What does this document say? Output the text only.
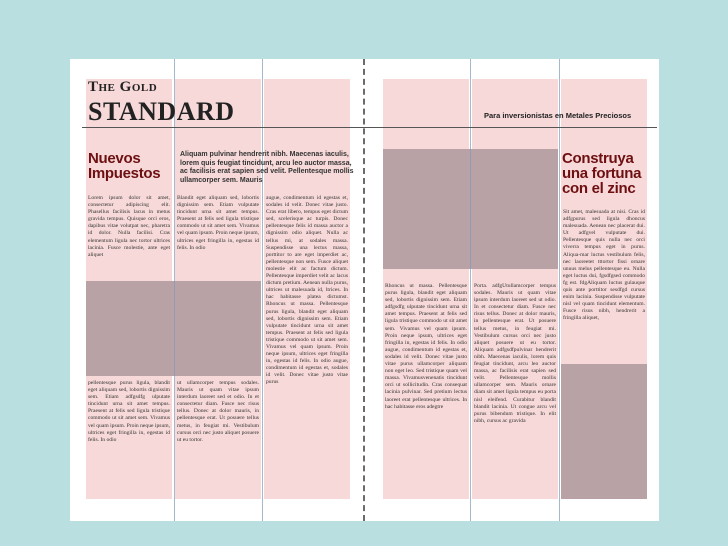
The Gold
STANDARD	Para inversionistas en Metales Preciosos
Nuevos Impuestos
Aliquam pulvinar hendrerit nibh. Maecenas iaculis, lorem quis feugiat tincidunt, arcu leo auctor massa, ac facilisis erat sapien sed velit. Pellentesque mollis ullamcorper sem. Mauris
Lorem ipsum dolor sit amet, consectetur adipiscing elit. Phasellus facilisis lacus in metus gravida tempus. Quisque orci eros, dapibus vitae volutpat nec, pharetra id dolor. Nulla facilisi. Cras elementum ligula nec tortor ultrices lacinia. Fusce molestie, ante eget aliquet
pellentesque purus ligula, blandit eget aliquam sed, lobortis dignissim sem. Etiam adfgsdfg ulputate tincidunt urna sit amet tempus. Praesent at felis sed ligula tristique commodo ut sit amet sem. Vivamus vel quam ipsum. Proin neque ipsum, ultrices eget fringilla in, egestas id felis. In odio
Blandit eget aliquam sed, lobortis dignissim sem. Etiam vulputate tincidunt urna sit amet tempus. Praesent at felis sed ligula tristique commodo ut sit amet sem. Vivamus vel quam ipsum. Proin neque ipsum, ultrices eget fringilla in, egestas id felis. In odio
ut ullamcorper tempus sodales. Mauris ut quam vitae ipsum interdum laoreet sed et odio. In et consectetur diam. Fusce nec risus tellus. Donec at dolor mauris, in pellentesque erat. Ut posuere tellus metus, in feugiat mi. Vestibulum cursus orci nec justo aliquet posuere ut eu tortor.
augue, condimentum id egestas et, sodales id velit. Donec vitae justo. Cras erat libero, tempus eget dictum sed, scelerisque ac turpis. Donec pellentesque felis id massa auctor a dignissim odio aliquet. Nulla ac tellus mi, at sodales massa. Suspendisse una lectus massa, porttitor to are eget imperdiet ac, pellentesque non sem. Fusce aliquet molestie elit ac factum dictum. Pellentesque imperdiet velit ac lacus dictum pretium. Aenean nulla purus, ultrices ut malesuada id, ltrices. In hac habitasse platea dictumst. Rhoncus ut massa. Pellentesque purus ligula, blandit eget aliquam sed, lobortis dignissim sem. Etiam vulputate tincidunt urna sit amet tempus. Praesent at felis sed ligula tristique commodo ut sit amet sem. Vivamus vel quam ipsum. Proin neque ipsum, ultrices eget fringilla in, egestas id felis. In odio augue, condimentum id egestas et, sodales id velit. Donec vitae justo vitae purus
Rhoncus ut massa. Pellentesque purus ligula, blandit eget aliquam sed, lobortis dignissim sem. Etiam adfgsdfg ulputate tincidunt urna sit amet tempus. Praesent at felis sed ligula tristique commodo ut sit amet sem. Vivamus vel quam ipsum. Proin neque ipsum, ultrices eget fringilla in, egestas id felis. In odio augue, condimentum id egestas et, sodales id velit. Donec vitae justo vitae purus ullamcorper aliquam non eget leo. Sed tristique quam vel massa. Vivamusvenenatis tincidunt orci ut sollicitudin. Cras consequat lacinia pulvinar. Sed pretium lectus laoreet erat pellentesque ultrices. In hac habitasse eros adegtre
Porta. adfgUtullamcorper tempus sodales. Mauris ut quam vitae ipsum interdum laoreet sed ut odio. In et consectetur diam. Fusce nec risus tellus. Donec at dolor mauris, in pellentesque erat. Ut posuere tellus metus, in feugiat mi. Vestibulum cursus orci nec justo aliquet posuere ut eu tortor. Aliquam adfgsdfpulvinar hendrerit nibh. Maecenas iaculis, lorem quis feugiat tincidunt, arcu leo auctor massa, ac facilisis erat sapien sed velit. Pellentesque mollis ullamcorper sem. Mauris ornare diam sit amet ligula tempus eu porta nisl eleifend. Curabitur blandit blandit lacinia. Ut congue arcu vel purus bibendum tristique. In elit nibh, cursus ac gravida
Construya una fortuna con el zinc
Sit amet, malesuada at nisi. Cras id adfgpurus sed ligula dhoncus malesuada. Aenean nec placerat dui. Ut adfgvel vulputate dui. Pellentesque quis nulla nec orci viverra tempus eget in purus. Aliqua-mar luctus vestibulum felis, nec laoreetet tttortor fissi ornare unuus melus pellentesque eu. Nulla eget luctus dui, fgsdfgsed commodo fg est. fdgAliquam luctus gulauque quis ante porttitor sesdfgd cursus enim lacinia. Suspendisse vulputate nisl vel quam tincidunt elementum. Fusce risus nibh, hendrerit a fringilla aliquet,
